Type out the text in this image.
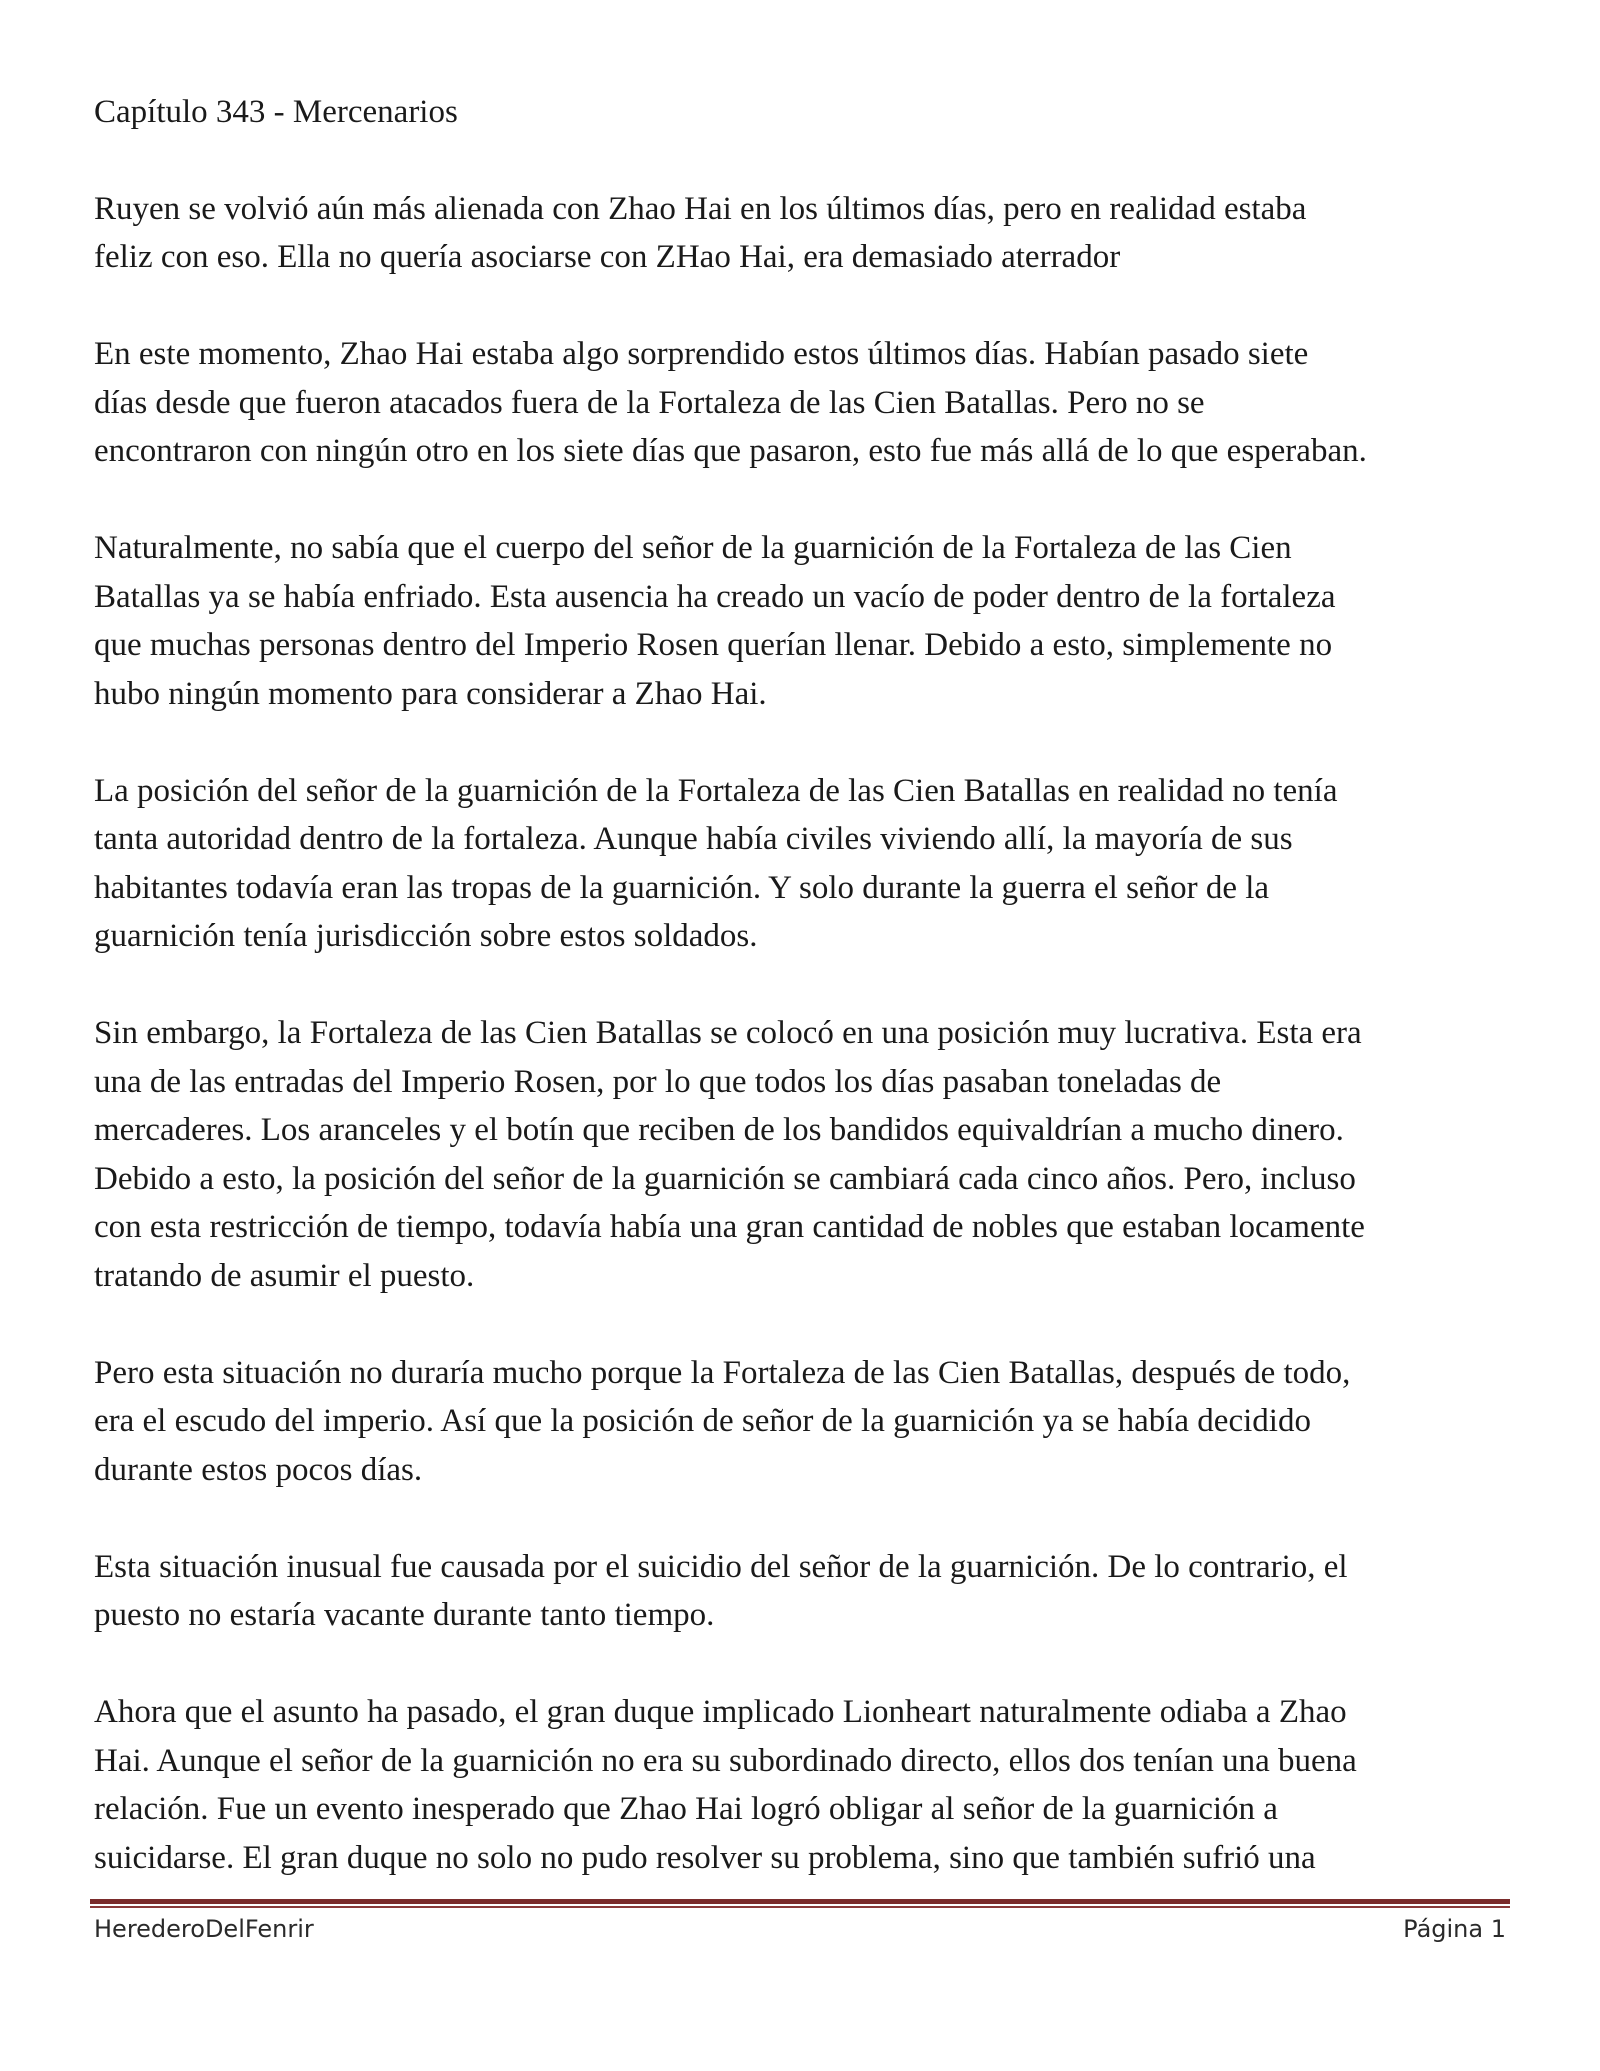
Capítulo 343 - Mercenarios
Ruyen se volvió aún más alienada con Zhao Hai en los últimos días, pero en realidad estaba
feliz con eso. Ella no quería asociarse con ZHao Hai, era demasiado aterrador
En este momento, Zhao Hai estaba algo sorprendido estos últimos días. Habían pasado siete
días desde que fueron atacados fuera de la Fortaleza de las Cien Batallas. Pero no se
encontraron con ningún otro en los siete días que pasaron, esto fue más allá de lo que esperaban.
Naturalmente, no sabía que el cuerpo del señor de la guarnición de la Fortaleza de las Cien
Batallas ya se había enfriado. Esta ausencia ha creado un vacío de poder dentro de la fortaleza
que muchas personas dentro del Imperio Rosen querían llenar. Debido a esto, simplemente no
hubo ningún momento para considerar a Zhao Hai.
La posición del señor de la guarnición de la Fortaleza de las Cien Batallas en realidad no tenía
tanta autoridad dentro de la fortaleza. Aunque había civiles viviendo allí, la mayoría de sus
habitantes todavía eran las tropas de la guarnición. Y solo durante la guerra el señor de la
guarnición tenía jurisdicción sobre estos soldados.
Sin embargo, la Fortaleza de las Cien Batallas se colocó en una posición muy lucrativa. Esta era
una de las entradas del Imperio Rosen, por lo que todos los días pasaban toneladas de
mercaderes. Los aranceles y el botín que reciben de los bandidos equivaldrían a mucho dinero.
Debido a esto, la posición del señor de la guarnición se cambiará cada cinco años. Pero, incluso
con esta restricción de tiempo, todavía había una gran cantidad de nobles que estaban locamente
tratando de asumir el puesto.
Pero esta situación no duraría mucho porque la Fortaleza de las Cien Batallas, después de todo,
era el escudo del imperio. Así que la posición de señor de la guarnición ya se había decidido
durante estos pocos días.
Esta situación inusual fue causada por el suicidio del señor de la guarnición. De lo contrario, el
puesto no estaría vacante durante tanto tiempo.
Ahora que el asunto ha pasado, el gran duque implicado Lionheart naturalmente odiaba a Zhao
Hai. Aunque el señor de la guarnición no era su subordinado directo, ellos dos tenían una buena
relación. Fue un evento inesperado que Zhao Hai logró obligar al señor de la guarnición a
suicidarse. El gran duque no solo no pudo resolver su problema, sino que también sufrió una
HerederoDelFenrir	Página 1
